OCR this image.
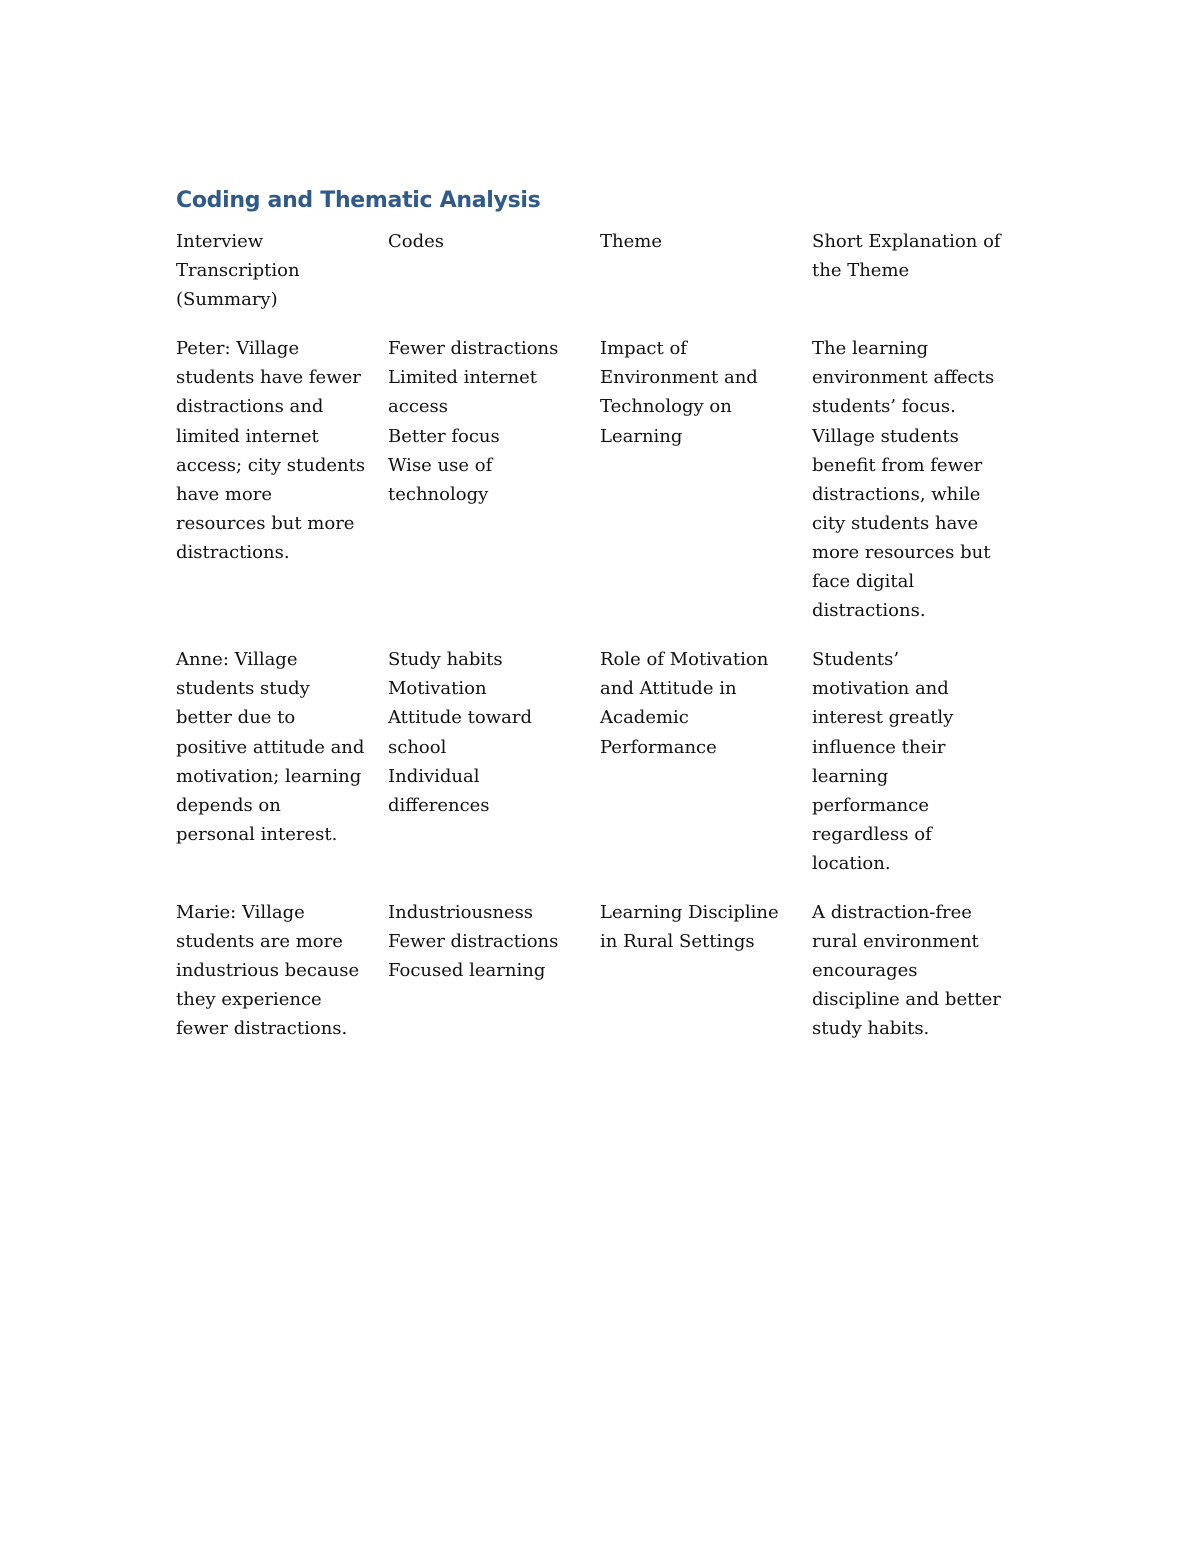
Coding and Thematic Analysis
Interview
Transcription
(Summary)
Codes	Theme	Short Explanation of
the Theme
Peter: Village
students have fewer
distractions and
limited internet
access; city students
have more
resources but more
distractions.
Fewer distractions
Limited internet
access
Better focus
Wise use of
technology
Impact of
Environment and
Technology on
Learning
The learning
environment affects
students’ focus.
Village students
benefit from fewer
distractions, while
city students have
more resources but
face digital
distractions.
Anne: Village
students study
better due to
positive attitude and
motivation; learning
depends on
personal interest.
Study habits
Motivation
Attitude toward
school
Individual
differences
Role of Motivation
and Attitude in
Academic
Performance
Students’
motivation and
interest greatly
influence their
learning
performance
regardless of
location.
Marie: Village
students are more
industrious because
they experience
fewer distractions.
Industriousness
Fewer distractions
Focused learning
Learning Discipline
in Rural Settings
A distraction-free
rural environment
encourages
discipline and better
study habits.
